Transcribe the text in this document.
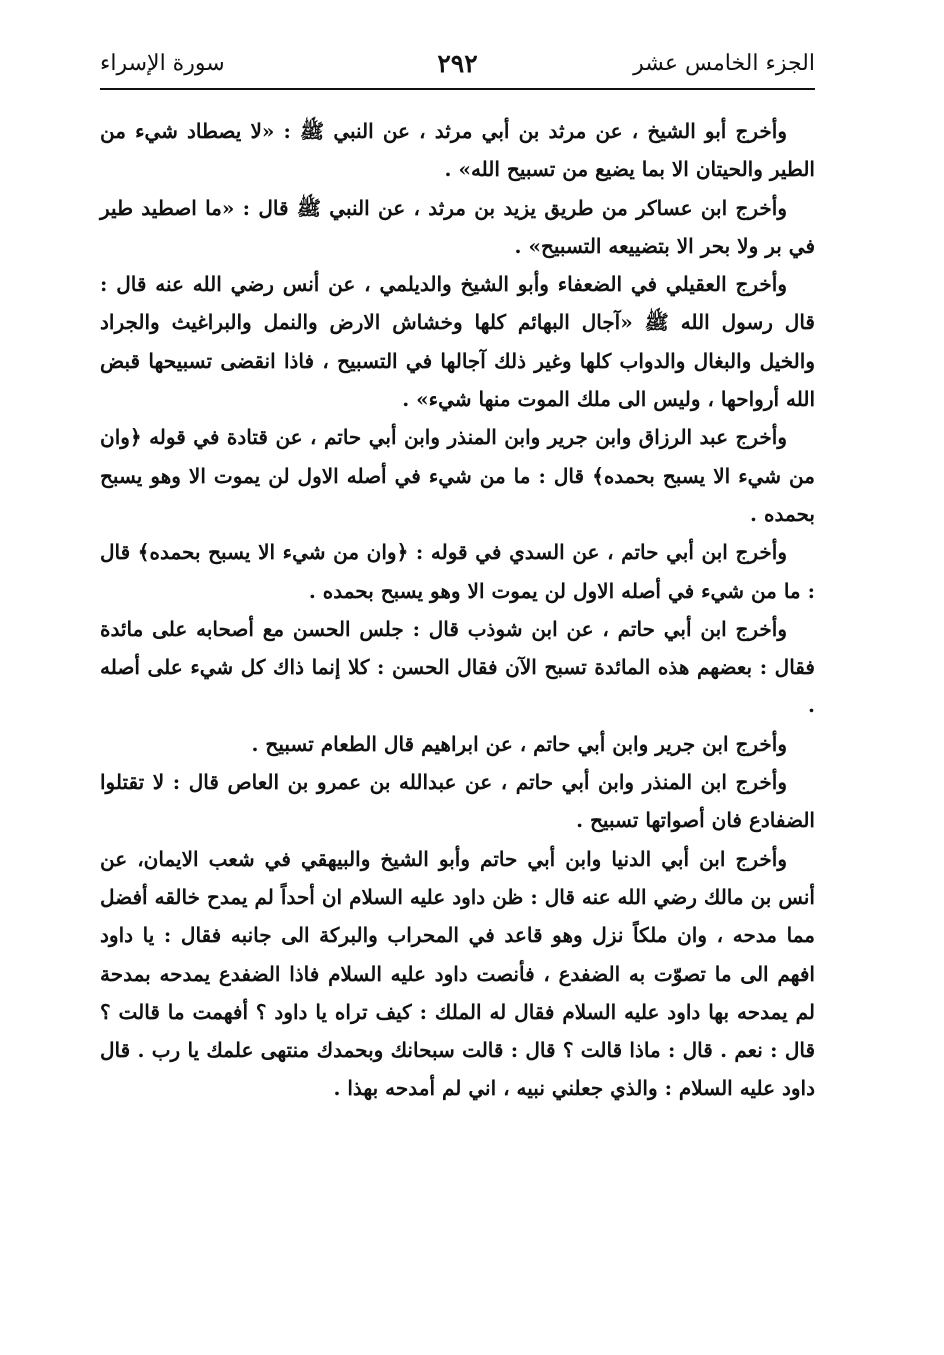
الجزء الخامس عشر
٢٩٢
سورة الإسراء

وأخرج أبو الشيخ ، عن مرثد بن أبي مرثد ، عن النبي ﷺ : «لا يصطاد شيء من الطير والحيتان الا بما يضيع من تسبيح الله» .

وأخرج ابن عساكر من طريق يزيد بن مرثد ، عن النبي ﷺ قال : «ما اصطيد طير في بر ولا بحر الا بتضييعه التسبيح» .

وأخرج العقيلي في الضعفاء وأبو الشيخ والديلمي ، عن أنس رضي الله عنه قال : قال رسول الله ﷺ «آجال البهائم كلها وخشاش الارض والنمل والبراغيث والجراد والخيل والبغال والدواب كلها وغير ذلك آجالها في التسبيح ، فاذا انقضى تسبيحها قبض الله أرواحها ، وليس الى ملك الموت منها شيء» .

وأخرج عبد الرزاق وابن جرير وابن المنذر وابن أبي حاتم ، عن قتادة في قوله ﴿وان من شيء الا يسبح بحمده﴾ قال : ما من شيء في أصله الاول لن يموت الا وهو يسبح بحمده .

وأخرج ابن أبي حاتم ، عن السدي في قوله : ﴿وان من شيء الا يسبح بحمده﴾ قال : ما من شيء في أصله الاول لن يموت الا وهو يسبح بحمده .

وأخرج ابن أبي حاتم ، عن ابن شوذب قال : جلس الحسن مع أصحابه على مائدة فقال : بعضهم هذه المائدة تسبح الآن فقال الحسن : كلا إنما ذاك كل شيء على أصله .

وأخرج ابن جرير وابن أبي حاتم ، عن ابراهيم قال الطعام تسبيح .

وأخرج ابن المنذر وابن أبي حاتم ، عن عبدالله بن عمرو بن العاص قال : لا تقتلوا الضفادع فان أصواتها تسبيح .

وأخرج ابن أبي الدنيا وابن أبي حاتم وأبو الشيخ والبيهقي في شعب الايمان، عن أنس بن مالك رضي الله عنه قال : ظن داود عليه السلام ان أحداً لم يمدح خالقه أفضل مما مدحه ، وان ملكاً نزل وهو قاعد في المحراب والبركة الى جانبه فقال : يا داود افهم الى ما تصوّت به الضفدع ، فأنصت داود عليه السلام فاذا الضفدع يمدحه بمدحة لم يمدحه بها داود عليه السلام فقال له الملك : كيف تراه يا داود ؟ أفهمت ما قالت ؟ قال : نعم . قال : ماذا قالت ؟ قال : قالت سبحانك وبحمدك منتهى علمك يا رب . قال داود عليه السلام : والذي جعلني نبيه ، اني لم أمدحه بهذا .
